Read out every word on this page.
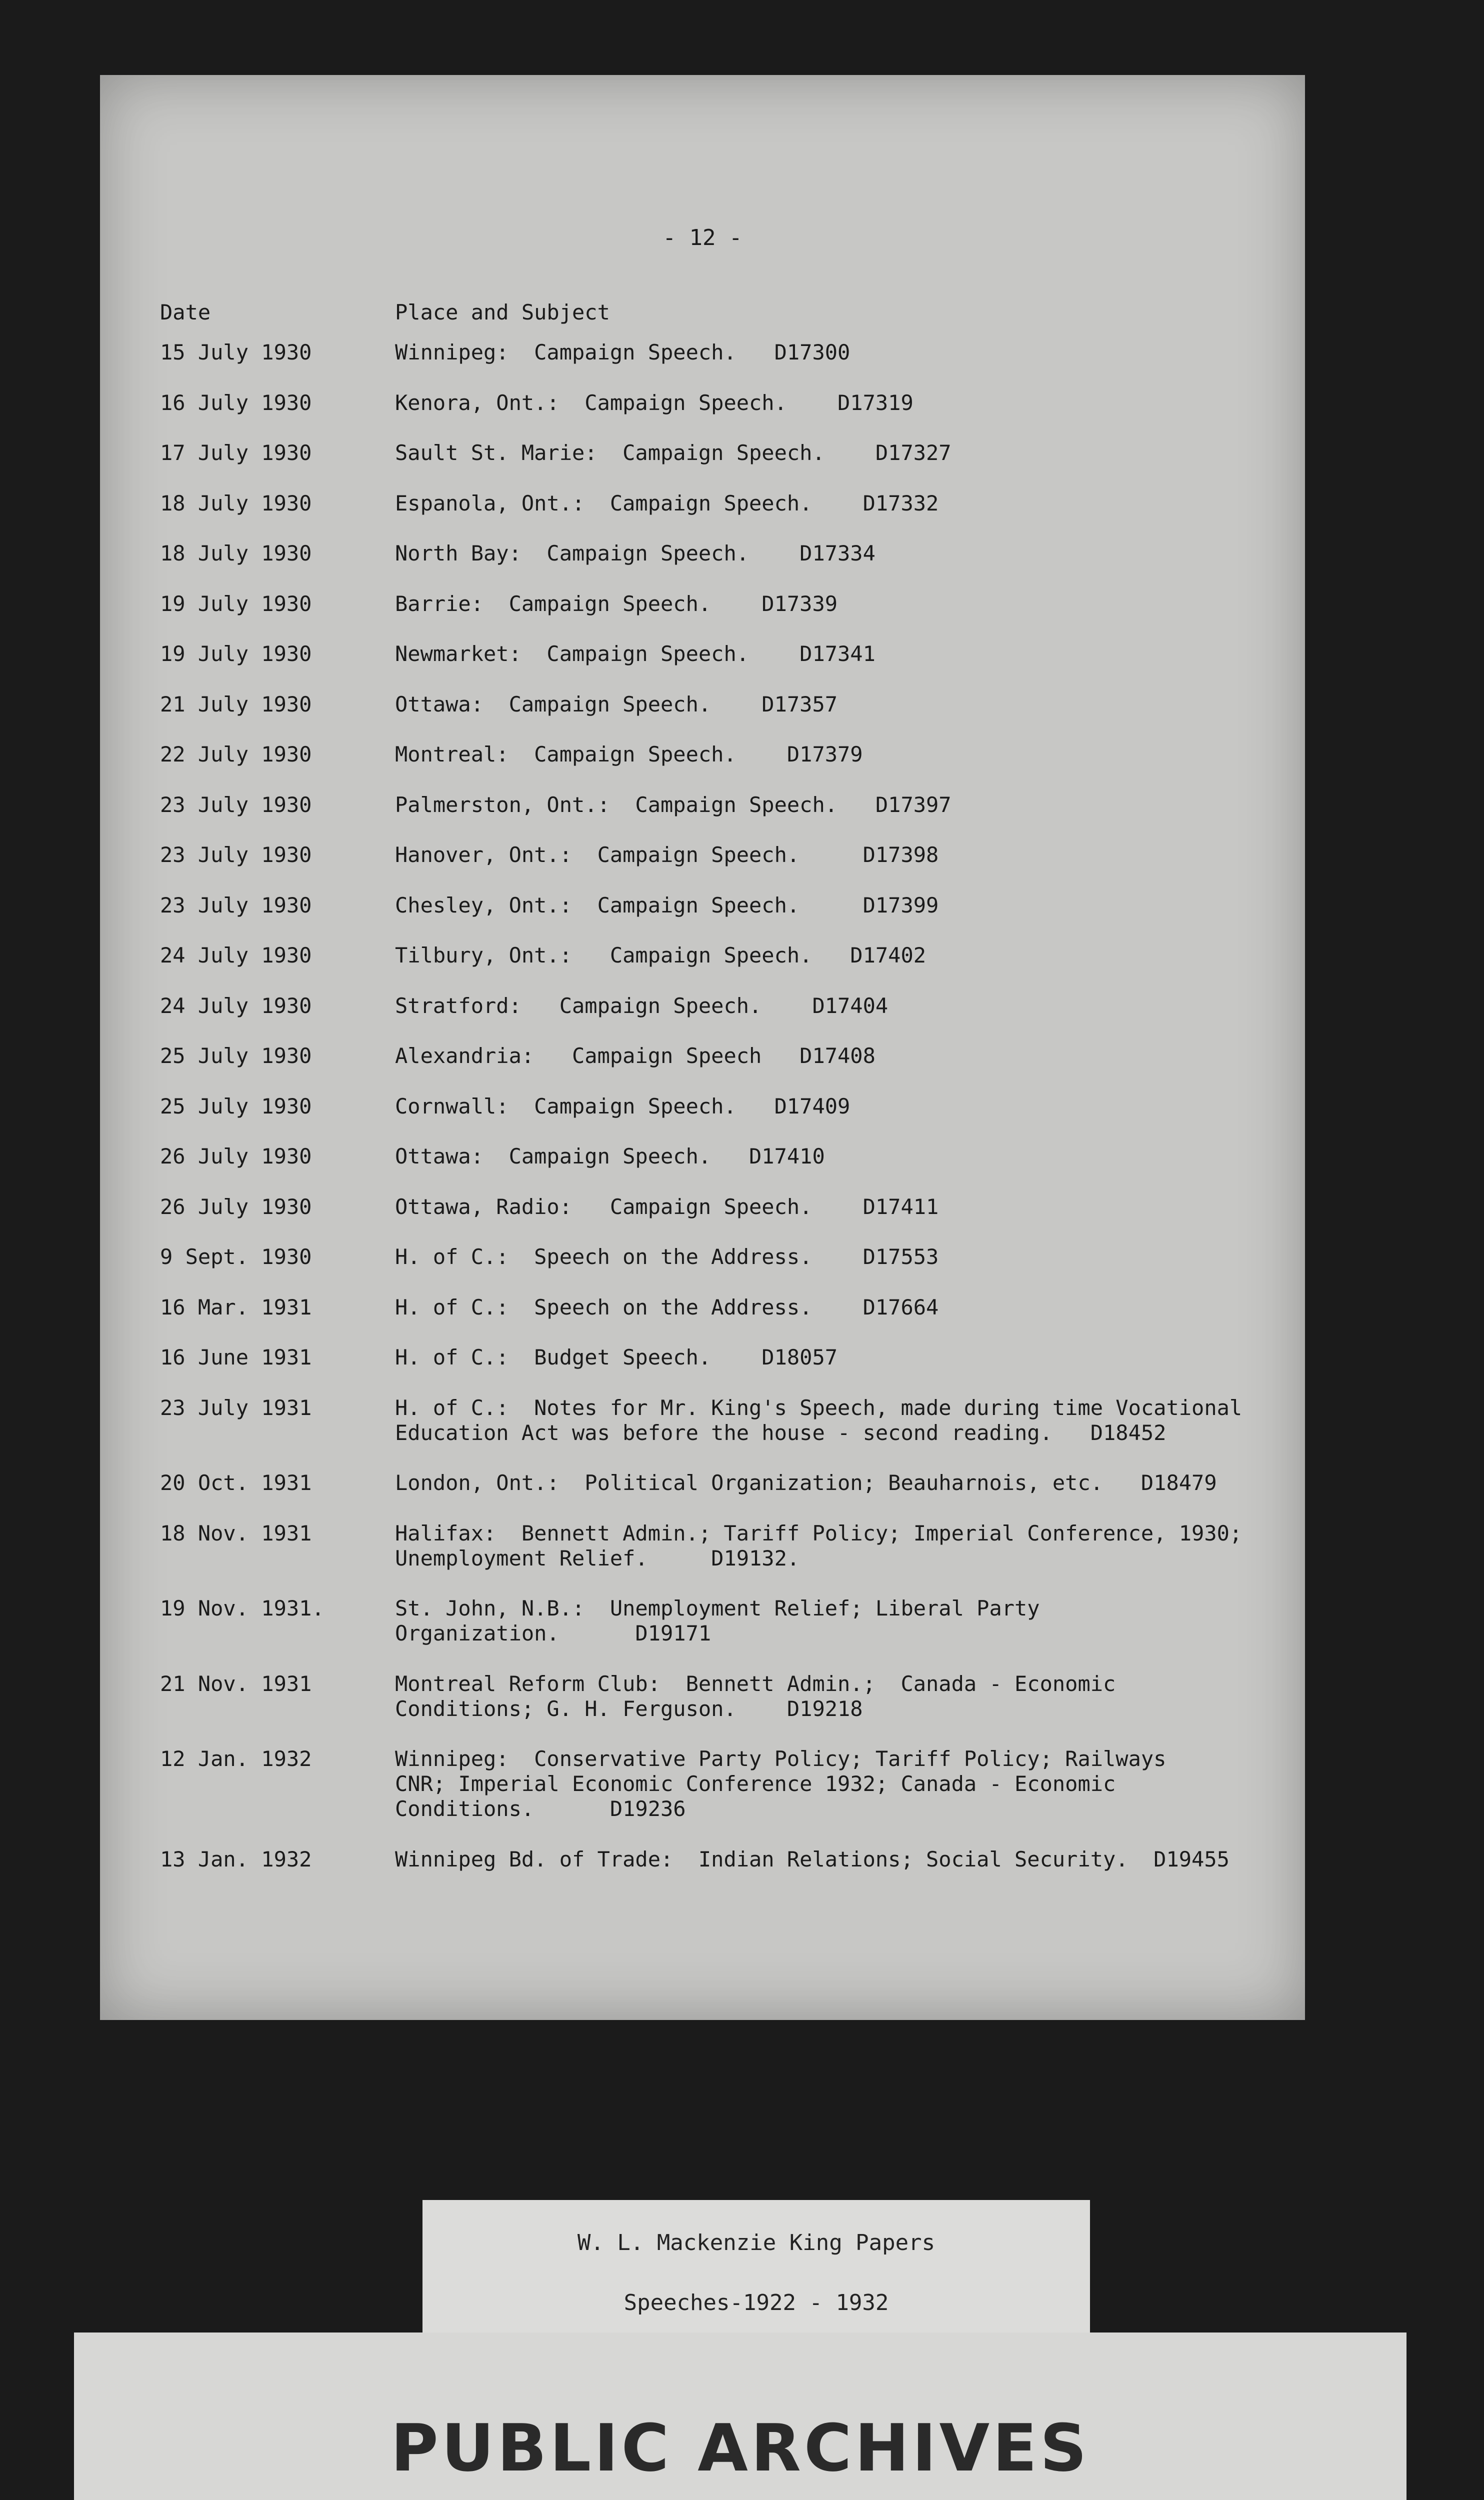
- 12 -
Date	Place and Subject
15 July 1930	Winnipeg:  Campaign Speech.   D17300
16 July 1930	Kenora, Ont.:  Campaign Speech.    D17319
17 July 1930	Sault St. Marie:  Campaign Speech.    D17327
18 July 1930	Espanola, Ont.:  Campaign Speech.    D17332
18 July 1930	North Bay:  Campaign Speech.    D17334
19 July 1930	Barrie:  Campaign Speech.    D17339
19 July 1930	Newmarket:  Campaign Speech.    D17341
21 July 1930	Ottawa:  Campaign Speech.    D17357
22 July 1930	Montreal:  Campaign Speech.    D17379
23 July 1930	Palmerston, Ont.:  Campaign Speech.   D17397
23 July 1930	Hanover, Ont.:  Campaign Speech.     D17398
23 July 1930	Chesley, Ont.:  Campaign Speech.     D17399
24 July 1930	Tilbury, Ont.:   Campaign Speech.   D17402
24 July 1930	Stratford:   Campaign Speech.    D17404
25 July 1930	Alexandria:   Campaign Speech   D17408
25 July 1930	Cornwall:  Campaign Speech.   D17409
26 July 1930	Ottawa:  Campaign Speech.   D17410
26 July 1930	Ottawa, Radio:   Campaign Speech.    D17411
9 Sept. 1930	H. of C.:  Speech on the Address.    D17553
16 Mar. 1931	H. of C.:  Speech on the Address.    D17664
16 June 1931	H. of C.:  Budget Speech.    D18057
23 July 1931	H. of C.:  Notes for Mr. King's Speech, made during time Vocational
Education Act was before the house - second reading.   D18452
20 Oct. 1931	London, Ont.:  Political Organization; Beauharnois, etc.   D18479
18 Nov. 1931	Halifax:  Bennett Admin.; Tariff Policy; Imperial Conference, 1930;
Unemployment Relief.     D19132.
19 Nov. 1931.	St. John, N.B.:  Unemployment Relief; Liberal Party
Organization.      D19171
21 Nov. 1931	Montreal Reform Club:  Bennett Admin.;  Canada - Economic
Conditions; G. H. Ferguson.    D19218
12 Jan. 1932	Winnipeg:  Conservative Party Policy; Tariff Policy; Railways
CNR; Imperial Economic Conference 1932; Canada - Economic
Conditions.      D19236
13 Jan. 1932	Winnipeg Bd. of Trade:  Indian Relations; Social Security.  D19455
W. L. Mackenzie King Papers
Speeches-1922 - 1932
PUBLIC ARCHIVES
